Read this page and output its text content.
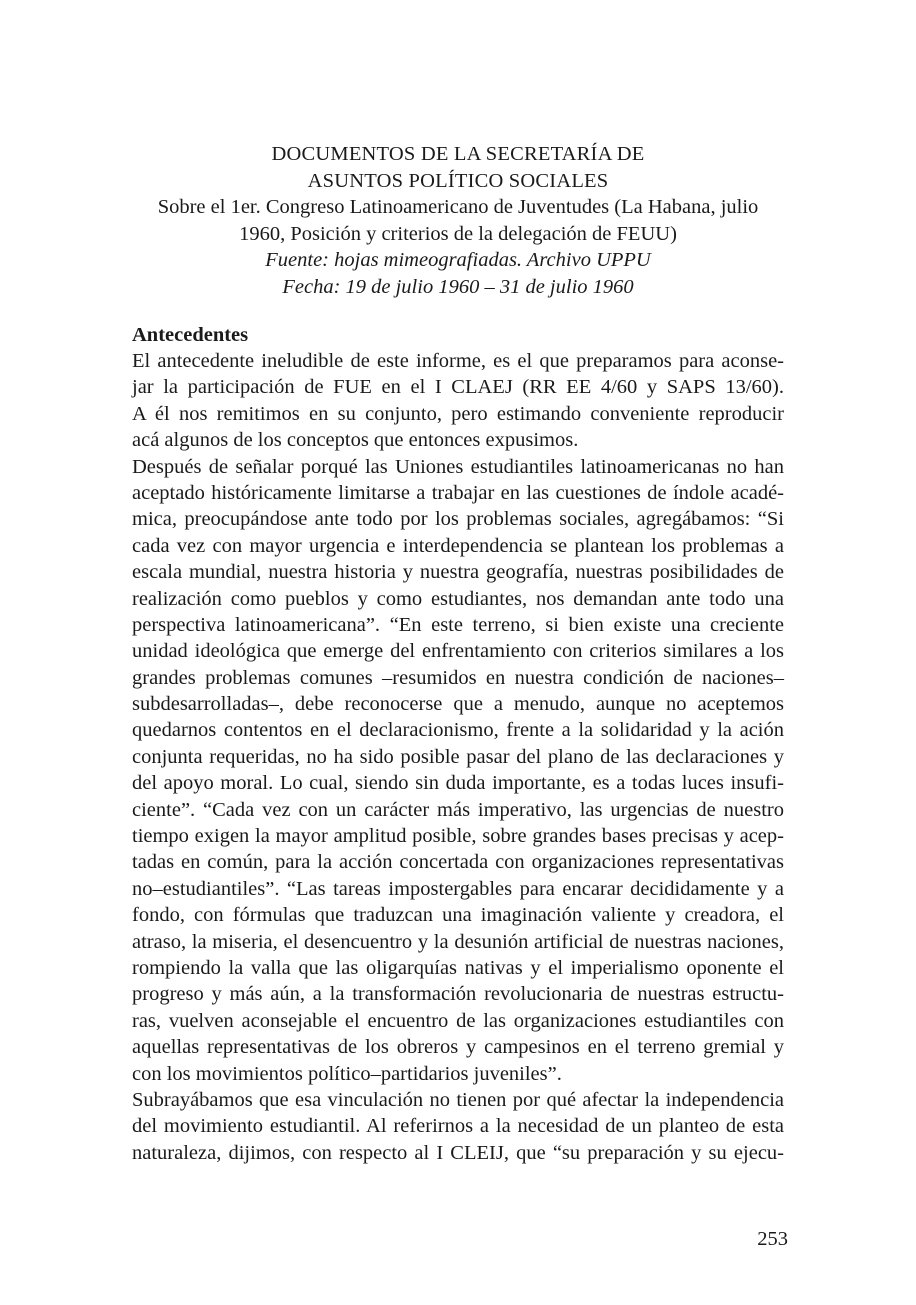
DOCUMENTOS DE LA SECRETARÍA DE
ASUNTOS POLÍTICO SOCIALES
Sobre el 1er. Congreso Latinoamericano de Juventudes (La Habana, julio
1960, Posición y criterios de la delegación de FEUU)
Fuente: hojas mimeografiadas. Archivo UPPU
Fecha: 19 de julio 1960 – 31 de julio 1960
Antecedentes
El antecedente ineludible de este informe, es el que preparamos para aconse-
jar la participación de FUE en el I CLAEJ (RR EE 4/60 y SAPS 13/60).
A él nos remitimos en su conjunto, pero estimando conveniente reproducir
acá algunos de los conceptos que entonces expusimos.
Después de señalar porqué las Uniones estudiantiles latinoamericanas no han
aceptado históricamente limitarse a trabajar en las cuestiones de índole acadé-
mica, preocupándose ante todo por los problemas sociales, agregábamos: “Si
cada vez con mayor urgencia e interdependencia se plantean los problemas a
escala mundial, nuestra historia y nuestra geografía, nuestras posibilidades de
realización como pueblos y como estudiantes, nos demandan ante todo una
perspectiva latinoamericana”. “En este terreno, si bien existe una creciente
unidad ideológica que emerge del enfrentamiento con criterios similares a los
grandes problemas comunes –resumidos en nuestra condición de naciones–
subdesarrolladas–, debe reconocerse que a menudo, aunque no aceptemos
quedarnos contentos en el declaracionismo, frente a la solidaridad y la ación
conjunta requeridas, no ha sido posible pasar del plano de las declaraciones y
del apoyo moral. Lo cual, siendo sin duda importante, es a todas luces insufi-
ciente”. “Cada vez con un carácter más imperativo, las urgencias de nuestro
tiempo exigen la mayor amplitud posible, sobre grandes bases precisas y acep-
tadas en común, para la acción concertada con organizaciones representativas
no–estudiantiles”. “Las tareas impostergables para encarar decididamente y a
fondo, con fórmulas que traduzcan una imaginación valiente y creadora, el
atraso, la miseria, el desencuentro y la desunión artificial de nuestras naciones,
rompiendo la valla que las oligarquías nativas y el imperialismo oponente el
progreso y más aún, a la transformación revolucionaria de nuestras estructu-
ras, vuelven aconsejable el encuentro de las organizaciones estudiantiles con
aquellas representativas de los obreros y campesinos en el terreno gremial y
con los movimientos político–partidarios juveniles”.
Subrayábamos que esa vinculación no tienen por qué afectar la independencia
del movimiento estudiantil. Al referirnos a la necesidad de un planteo de esta
naturaleza, dijimos, con respecto al I CLEIJ, que “su preparación y su ejecu-
253
